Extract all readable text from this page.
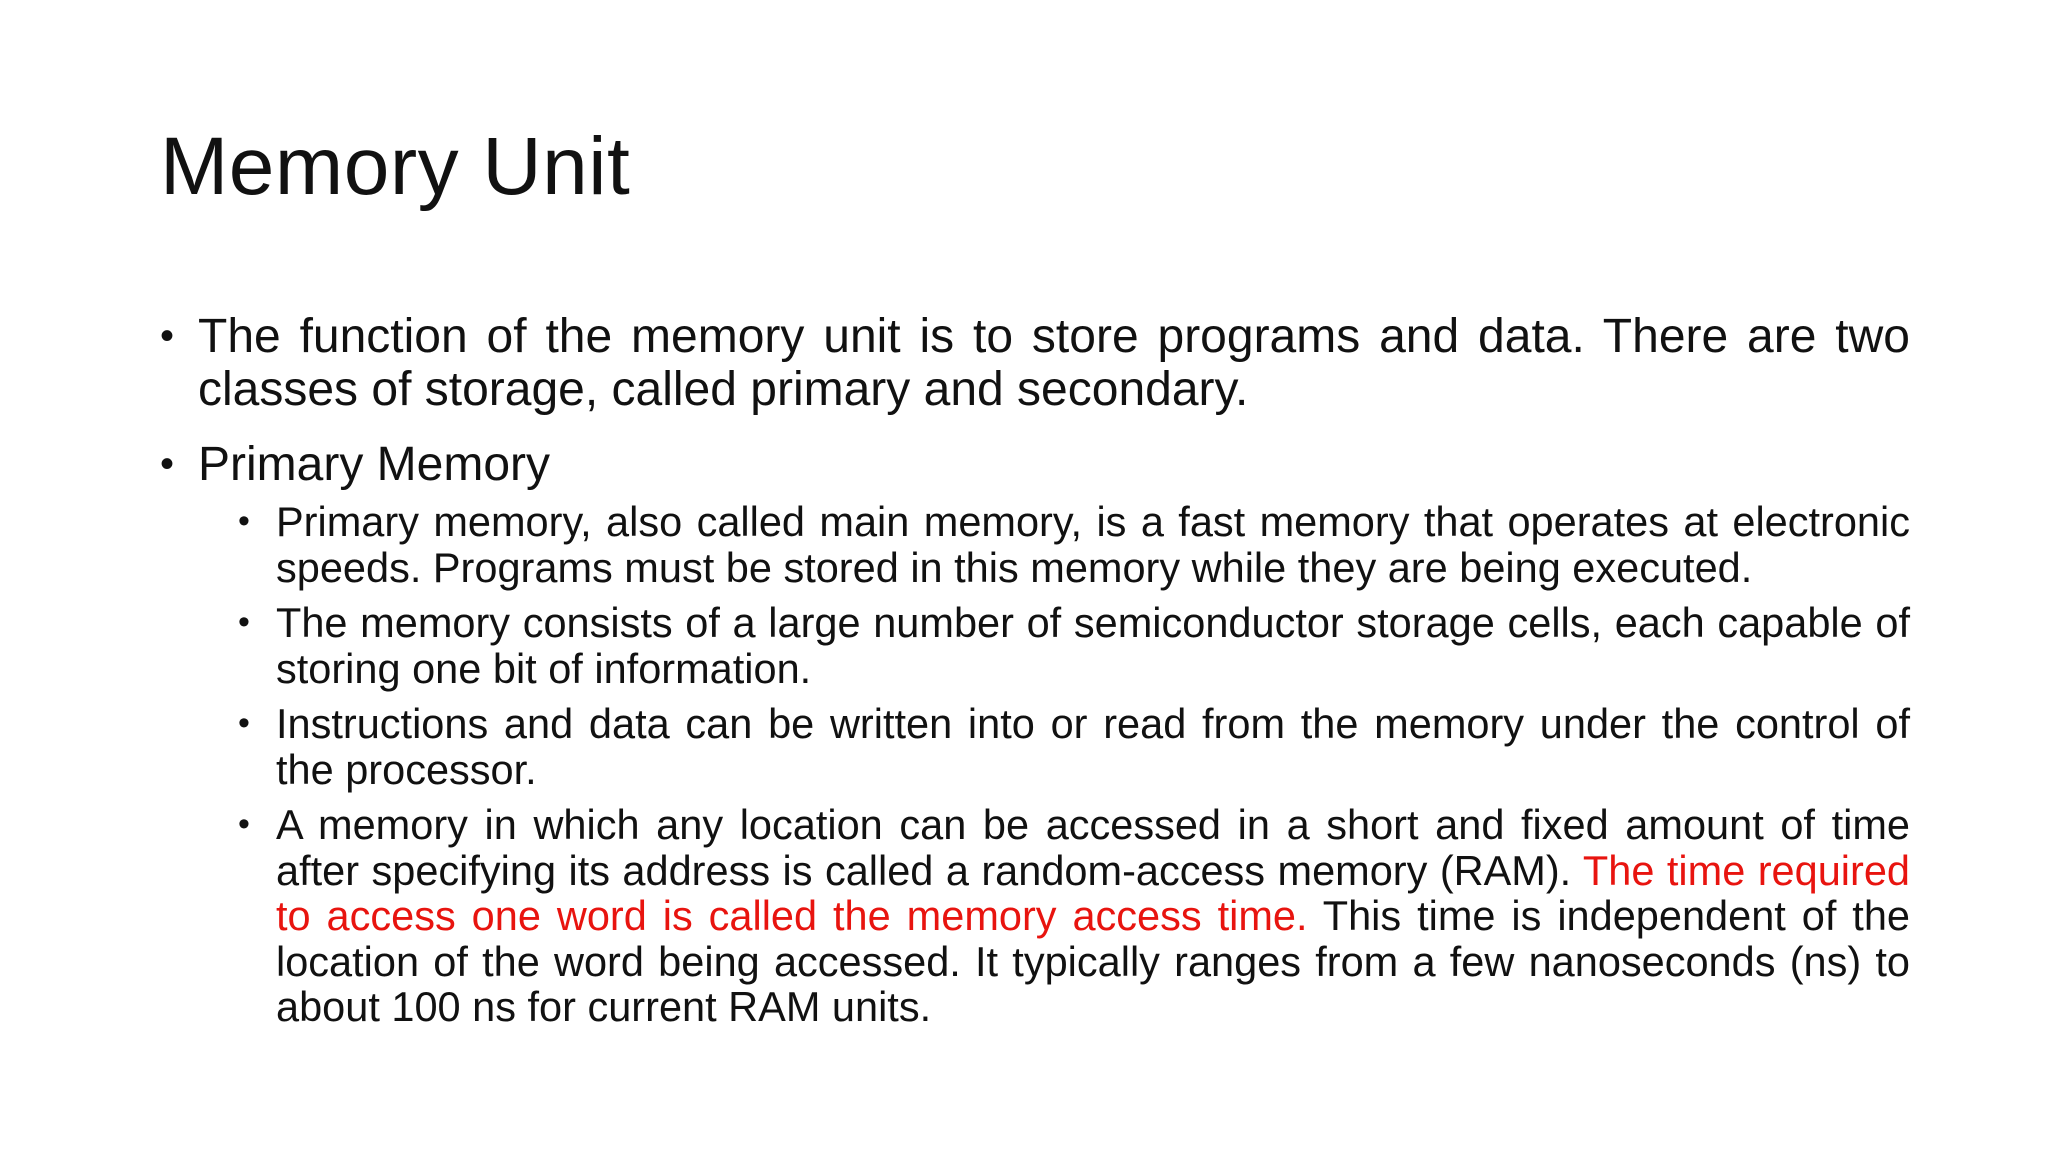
Memory Unit
• The function of the memory unit is to store programs and data. There are two classes of storage, called primary and secondary.
• Primary Memory
• Primary memory, also called main memory, is a fast memory that operates at electronic speeds. Programs must be stored in this memory while they are being executed.
• The memory consists of a large number of semiconductor storage cells, each capable of storing one bit of information.
• Instructions and data can be written into or read from the memory under the control of the processor.
• A memory in which any location can be accessed in a short and fixed amount of time after specifying its address is called a random-access memory (RAM). The time required to access one word is called the memory access time. This time is independent of the location of the word being accessed. It typically ranges from a few nanoseconds (ns) to about 100 ns for current RAM units.
